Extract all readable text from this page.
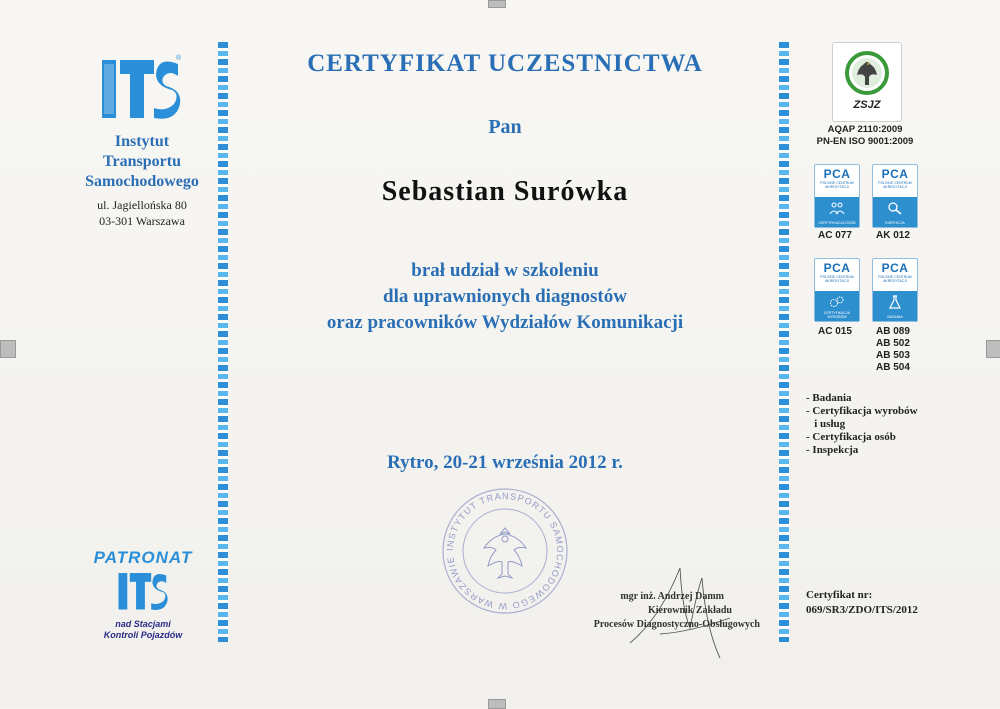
®
Instytut
Transportu
Samochodowego
ul. Jagiellońska 80
03-301 Warszawa
CERTYFIKAT UCZESTNICTWA
Pan
Sebastian Surówka
brał udział w szkoleniu
dla uprawnionych diagnostów
oraz pracowników Wydziałów Komunikacji
Rytro, 20-21 września 2012 r.
PATRONAT
nad Stacjami
Kontroli Pojazdów
INSTYTUT TRANSPORTU SAMOCHODOWEGO W WARSZAWIE
mgr inż. Andrzej Damm
Kierownik Zakładu
Procesów Diagnostyczno-Obsługowych
Certyfikat nr:
069/SR3/ZDO/ITS/2012
ZSJZ
AQAP 2110:2009
PN-EN ISO 9001:2009
PCA
POLSKIE CENTRUM AKREDYTACJI
CERTYFIKACJA OSÓB
AC 077
PCA
POLSKIE CENTRUM AKREDYTACJI
INSPEKCJA
AK 012
PCA
POLSKIE CENTRUM AKREDYTACJI
CERTYFIKACJA WYROBÓW
AC 015
PCA
POLSKIE CENTRUM AKREDYTACJI
BADANIA
AB 089
AB 502
AB 503
AB 504
- Badania
- Certyfikacja wyrobów
i usług
- Certyfikacja osób
- Inspekcja
